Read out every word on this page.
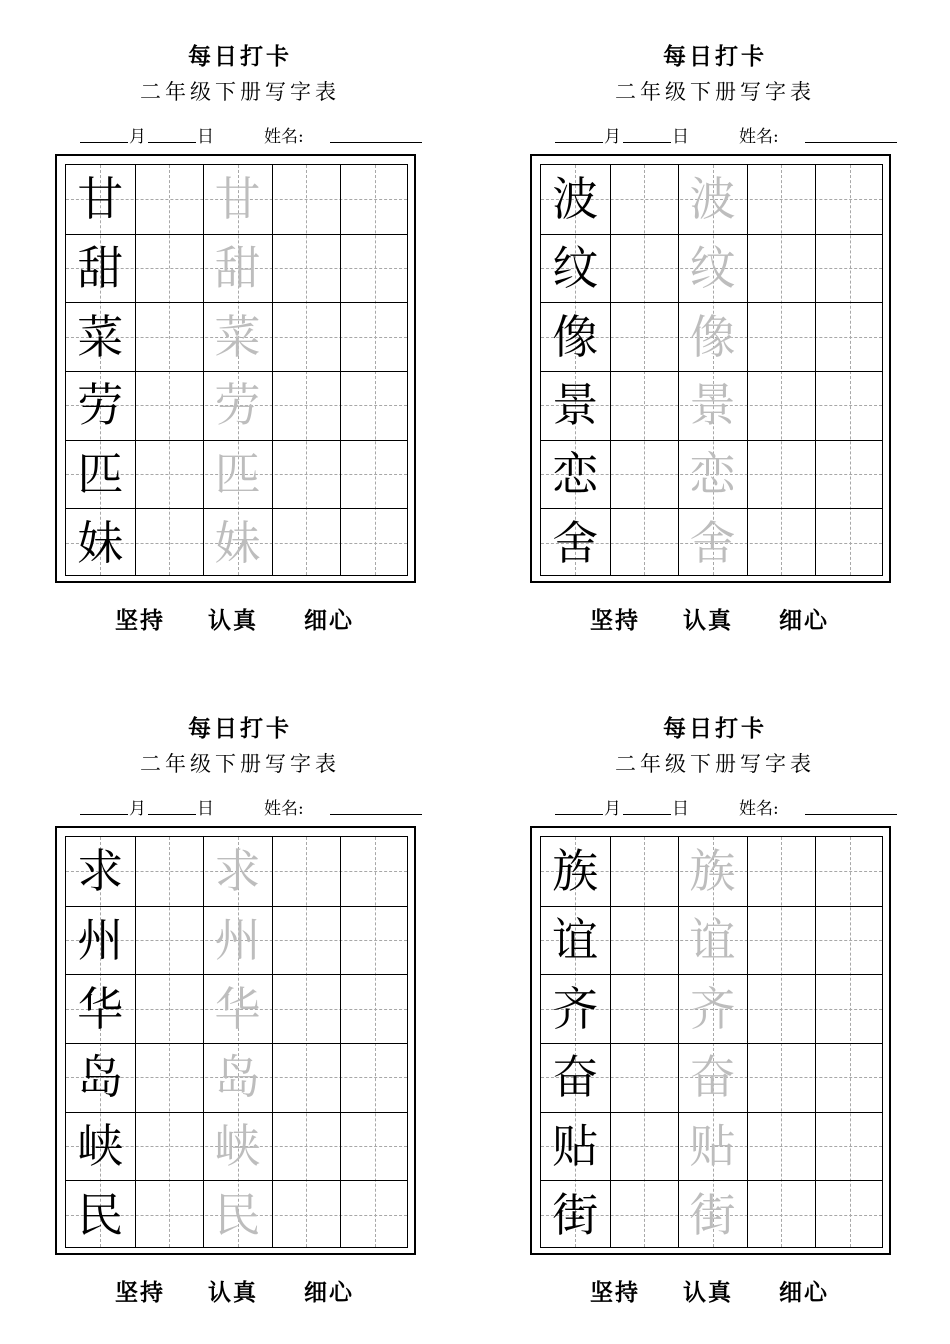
每日打卡
二年级下册写字表
月	日	姓名:
甘 甘
甜 甜
菜 菜
劳 劳
匹 匹
妹 妹
坚持 认真 细心
每日打卡
二年级下册写字表
月	日	姓名:
波 波
纹 纹
像 像
景 景
恋 恋
舍 舍
坚持 认真 细心
每日打卡
二年级下册写字表
月	日	姓名:
求 求
州 州
华 华
岛 岛
峡 峡
民 民
坚持 认真 细心
每日打卡
二年级下册写字表
月	日	姓名:
族 族
谊 谊
齐 齐
奋 奋
贴 贴
街 街
坚持 认真 细心
